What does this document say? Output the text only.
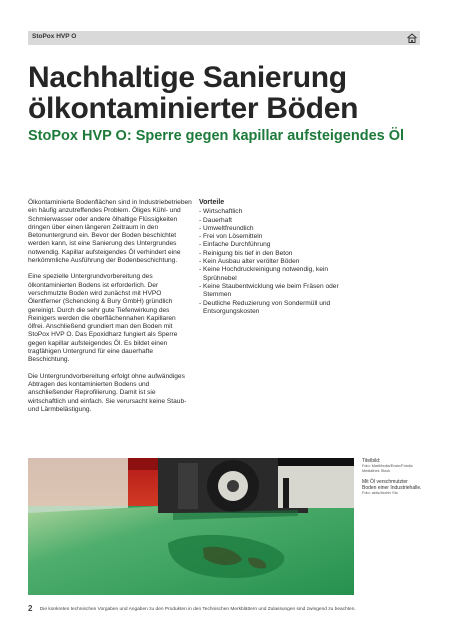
StoPox HVP O
Nachhaltige Sanierung
ölkontaminierter Böden
StoPox HVP O: Sperre gegen kapillar aufsteigendes Öl

Ölkontaminierte Bodenflächen sind in Industriebetrieben ein häufig anzutreffendes Problem. Öliges Kühl- und Schmierwasser oder andere ölhaltige Flüssigkeiten dringen über einen längeren Zeitraum in den Betonuntergrund ein. Bevor der Boden beschichtet werden kann, ist eine Sanierung des Untergrundes notwendig. Kapillar aufsteigendes Öl verhindert eine herkömmliche Ausführung der Bodenbeschichtung.

Eine spezielle Untergrundvorbereitung des ölkontaminierten Bodens ist erforderlich. Der verschmutzte Boden wird zunächst mit HVPO Ölentferner (Schencking & Bury GmbH) gründlich gereinigt. Durch die sehr gute Tiefenwirkung des Reinigers werden die oberflächennahen Kapillaren ölfrei. Anschließend grundiert man den Boden mit StoPox HVP O. Das Epoxidharz fungiert als Sperre gegen kapillar aufsteigendes Öl. Es bildet einen tragfähigen Untergrund für eine dauerhafte Beschichtung.

Die Untergrundvorbereitung erfolgt ohne aufwändiges Abtragen des kontaminierten Bodens und anschließender Reprofilierung. Damit ist sie wirtschaftlich und einfach. Sie verursacht keine Staub- und Lärmbelästigung.

Vorteile
- Wirtschaftlich
- Dauerhaft
- Umweltfreundlich
- Frei von Lösemitteln
- Einfache Durchführung
- Reinigung bis tief in den Beton
- Kein Ausbau alter verölter Böden
- Keine Hochdruckreinigung notwendig, kein
Sprühnebel
- Keine Staubentwicklung wie beim Fräsen oder
Stemmen
- Deutliche Reduzierung von Sondermüll und
Entsorgungskosten
Titelbild:
Foto: MartMedia/Erwin/Fotolia Mediathek Stock
Mit Öl verschmutzter Boden einer Industriehalle.
Foto: aktiv/Archiv Sto
2 Die konkreten technischen Vorgaben und Angaben zu den Produkten in den Technischen Merkblättern und Zulassungen sind zwingend zu beachten.
